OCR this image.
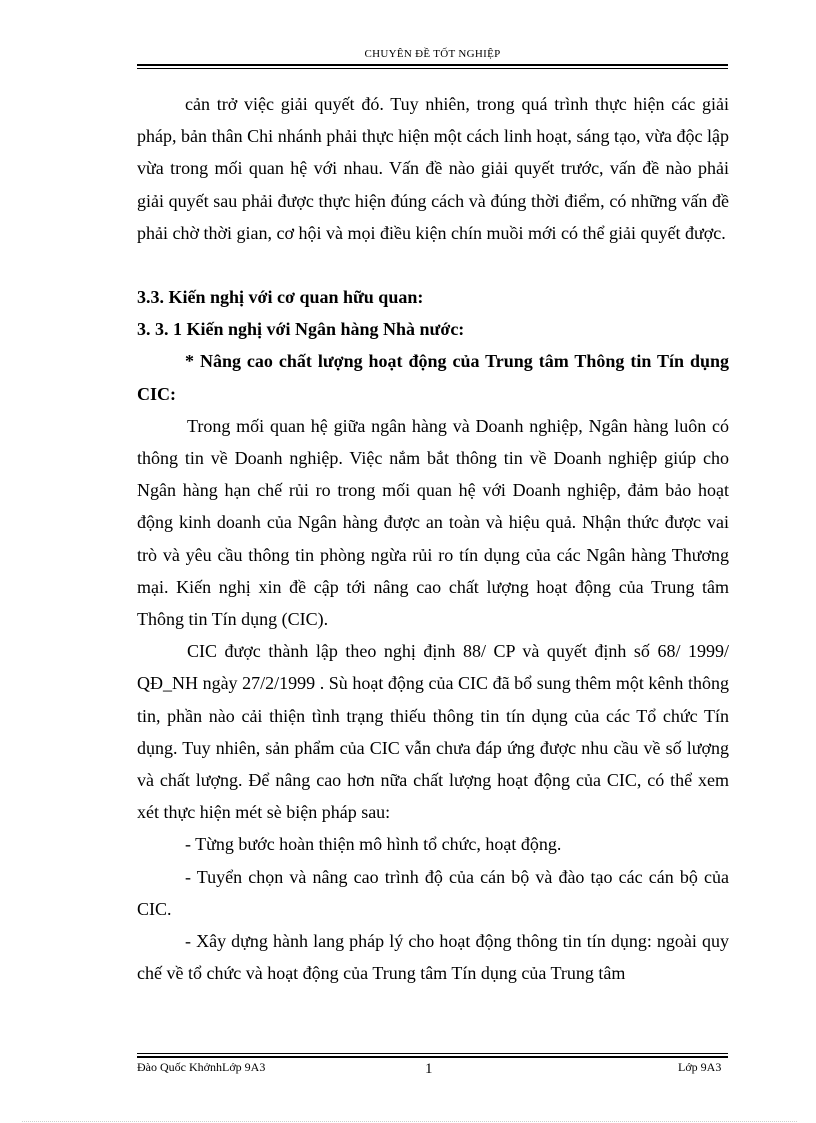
CHUYÊN ĐỀ TỐT NGHIỆP

cản trở việc giải quyết đó. Tuy nhiên, trong quá trình thực hiện các giải pháp, bản thân Chi nhánh phải thực hiện một cách linh hoạt, sáng tạo, vừa độc lập vừa trong mối quan hệ với nhau. Vấn đề nào giải quyết trước, vấn đề nào phải giải quyết sau phải được thực hiện đúng cách và đúng thời điểm, có những vấn đề phải chờ thời gian, cơ hội và mọi điều kiện chín muồi mới có thể giải quyết được.

3.3. Kiến nghị với cơ quan hữu quan:

3. 3. 1 Kiến nghị với Ngân hàng Nhà nước:

* Nâng cao chất lượng hoạt động của Trung tâm Thông tin Tín dụng CIC:

Trong mối quan hệ giữa ngân hàng và Doanh nghiệp, Ngân hàng luôn có thông tin về Doanh nghiệp. Việc nắm bắt thông tin về Doanh nghiệp giúp cho Ngân hàng hạn chế rủi ro trong mối quan hệ với Doanh nghiệp, đảm bảo hoạt động kinh doanh của Ngân hàng được an toàn và hiệu quả. Nhận thức được vai trò và yêu cầu thông tin phòng ngừa rủi ro tín dụng của các Ngân hàng Thương mại. Kiến nghị xin đề cập tới nâng cao chất lượng hoạt động của Trung tâm Thông tin Tín dụng (CIC).

CIC được thành lập theo nghị định 88/ CP và quyết định số 68/ 1999/ QĐ_NH ngày 27/2/1999 . Sù hoạt động của CIC đã bổ sung thêm một kênh thông tin, phần nào cải thiện tình trạng thiếu thông tin tín dụng của các Tổ chức Tín dụng. Tuy nhiên, sản phẩm của CIC vẫn chưa đáp ứng được nhu cầu về số lượng và chất lượng. Để nâng cao hơn nữa chất lượng hoạt động của CIC, có thể xem xét thực hiện mét sè biện pháp sau:

- Từng bước hoàn thiện mô hình tổ chức, hoạt động.

- Tuyển chọn và nâng cao trình độ của cán bộ và đào tạo các cán bộ của CIC.

- Xây dựng hành lang pháp lý cho hoạt động thông tin tín dụng: ngoài quy chế về tổ chức và hoạt động của Trung tâm Tín dụng của Trung tâm

Đào Quốc KhởnhLớp 9A3	1	Lớp 9A3
